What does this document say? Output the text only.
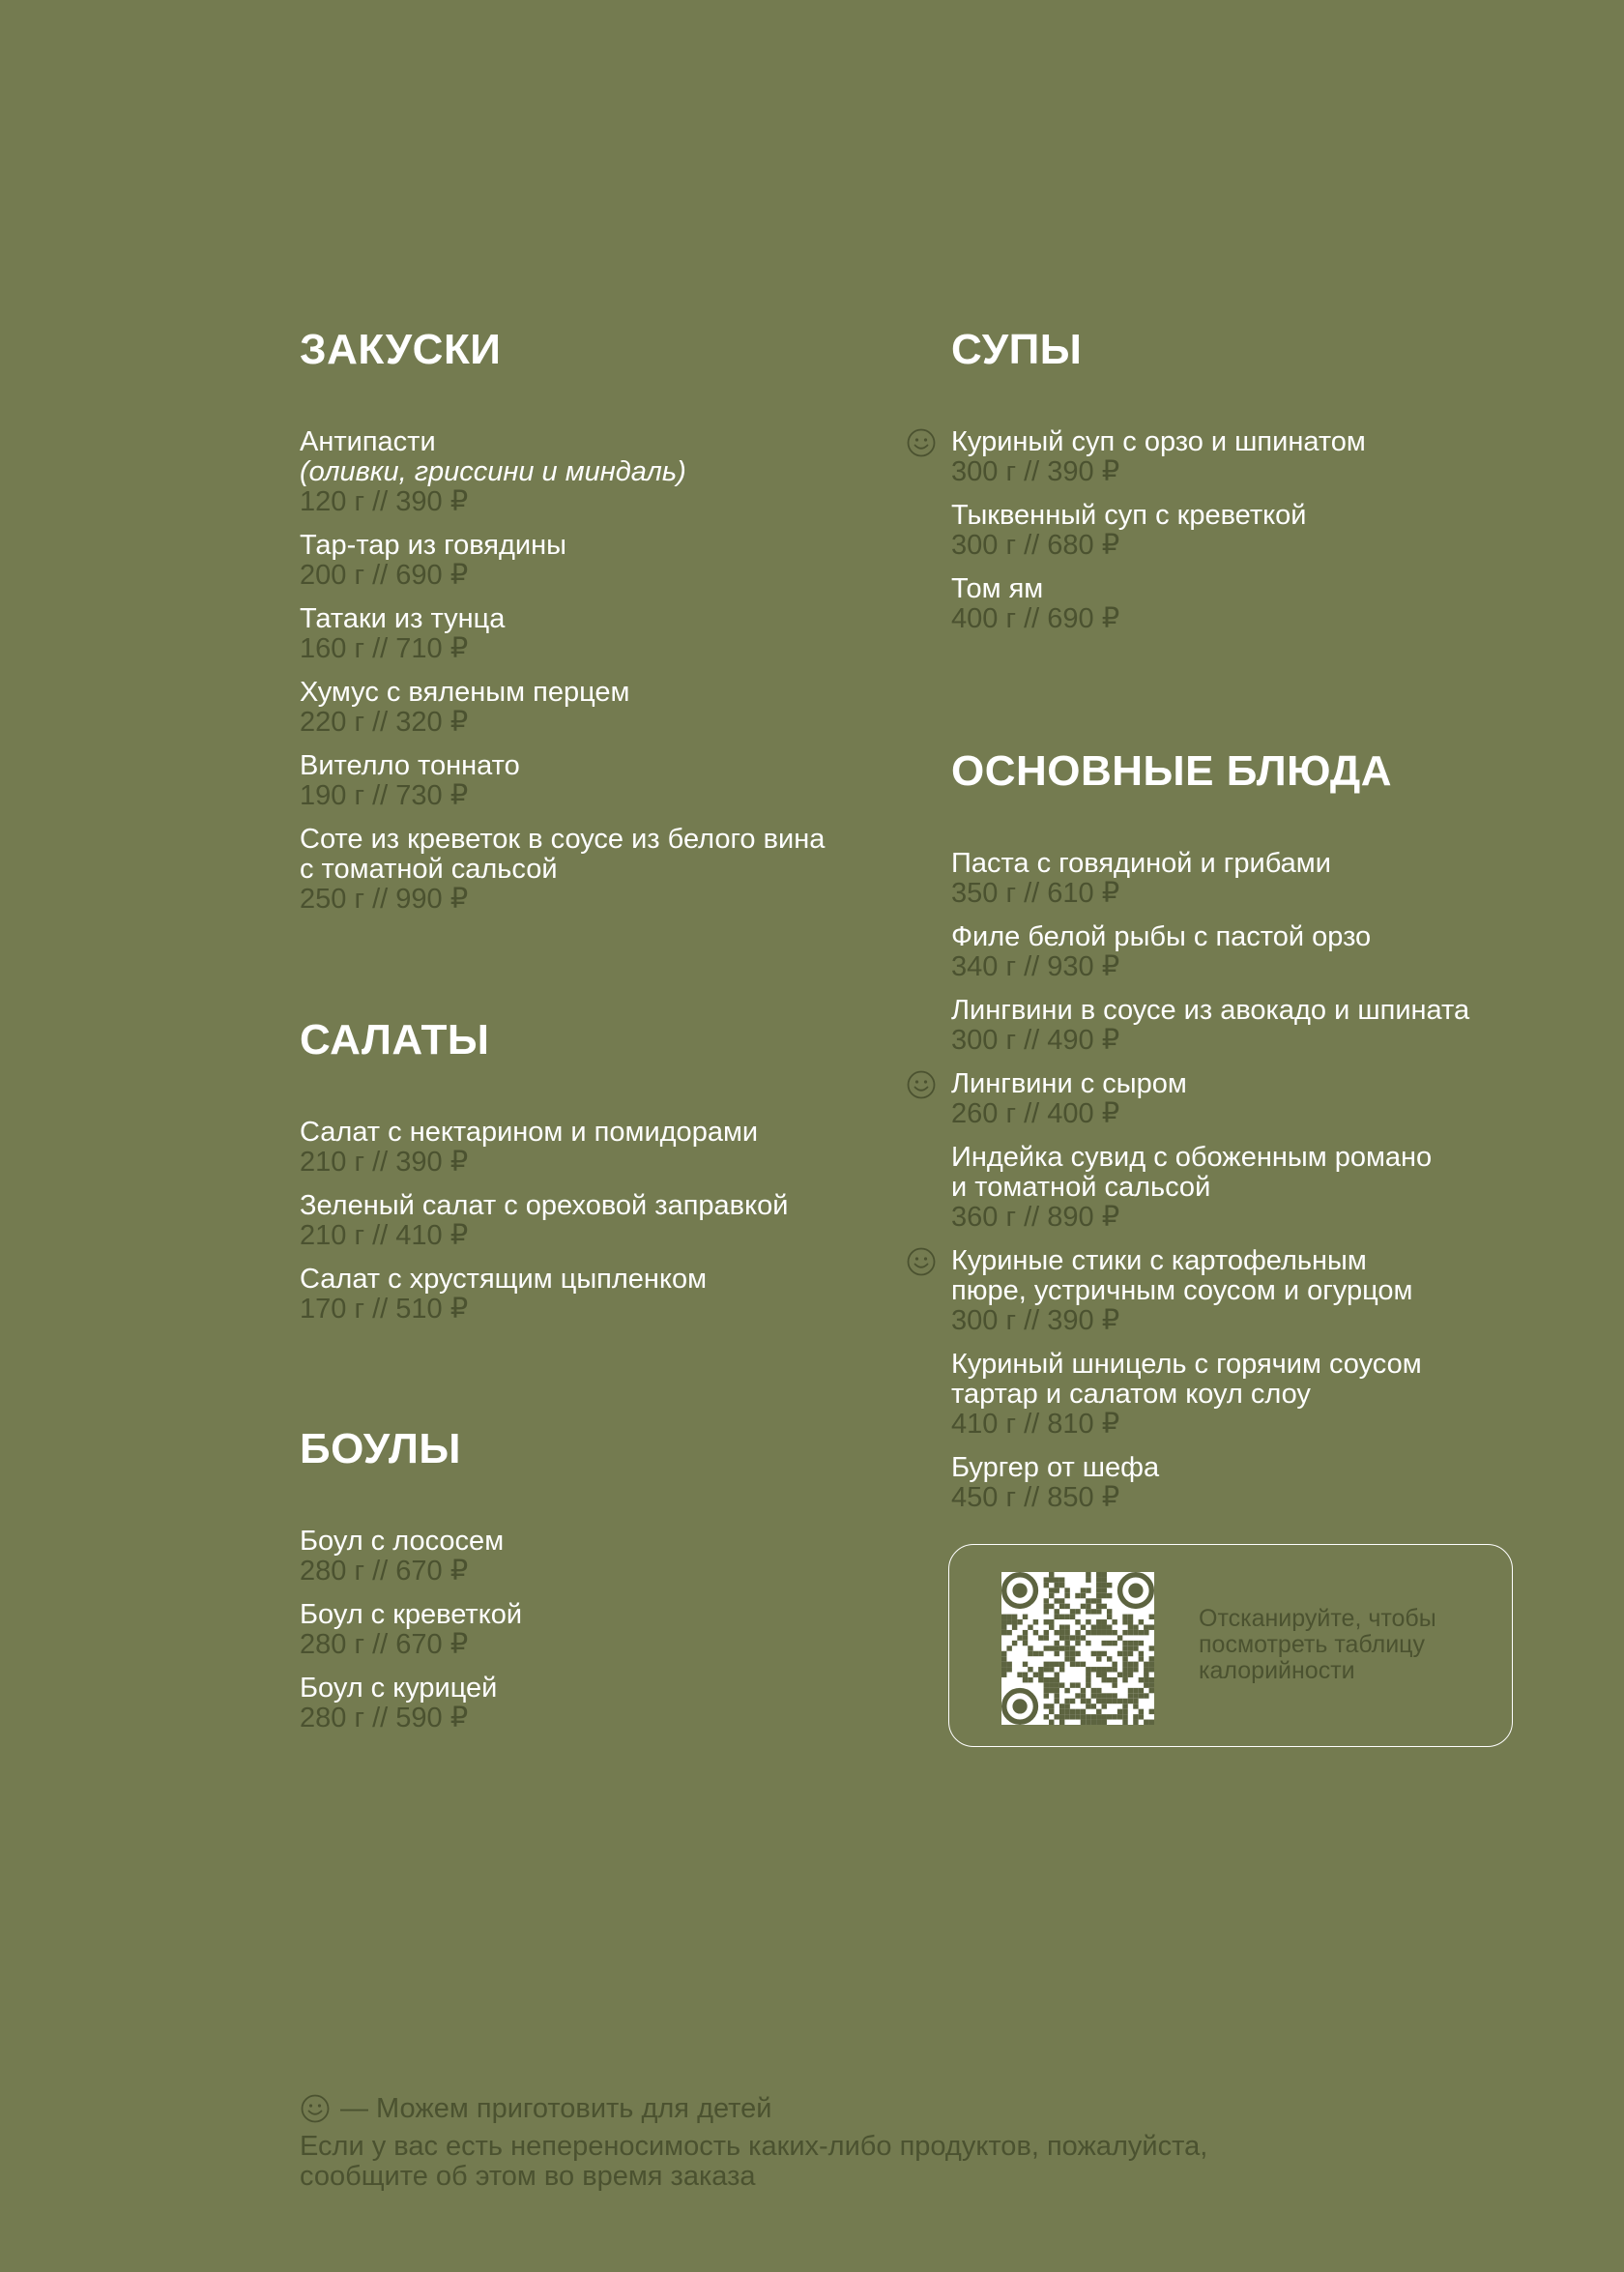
ЗАКУСКИ
Антипасти
(оливки, гриссини и миндаль)
120 г // 390 ₽
Тар-тар из говядины
200 г // 690 ₽
Татаки из тунца
160 г // 710 ₽
Хумус с вяленым перцем
220 г // 320 ₽
Вителло тоннато
190 г // 730 ₽
Соте из креветок в соусе из белого вина
с томатной сальсой
250 г // 990 ₽
САЛАТЫ
Салат с нектарином и помидорами
210 г // 390 ₽
Зеленый салат с ореховой заправкой
210 г // 410 ₽
Салат с хрустящим цыпленком
170 г // 510 ₽
БОУЛЫ
Боул с лососем
280 г // 670 ₽
Боул с креветкой
280 г // 670 ₽
Боул с курицей
280 г // 590 ₽
СУПЫ
Куриный суп с орзо и шпинатом
300 г // 390 ₽
Тыквенный суп с креветкой
300 г // 680 ₽
Том ям
400 г // 690 ₽
ОСНОВНЫЕ БЛЮДА
Паста с говядиной и грибами
350 г // 610 ₽
Филе белой рыбы с пастой орзо
340 г // 930 ₽
Лингвини в соусе из авокадо и шпината
300 г // 490 ₽
Лингвини с сыром
260 г // 400 ₽
Индейка сувид с обоженным романо
и томатной сальсой
360 г // 890 ₽
Куриные стики с картофельным
пюре, устричным соусом и огурцом
300 г // 390 ₽
Куриный шницель с горячим соусом
тартар и салатом коул слоу
410 г // 810 ₽
Бургер от шефа
450 г // 850 ₽
Отсканируйте, чтобы
посмотреть таблицу
калорийности
— Можем приготовить для детей
Если у вас есть непереносимость каких-либо продуктов, пожалуйста,
сообщите об этом во время заказа
